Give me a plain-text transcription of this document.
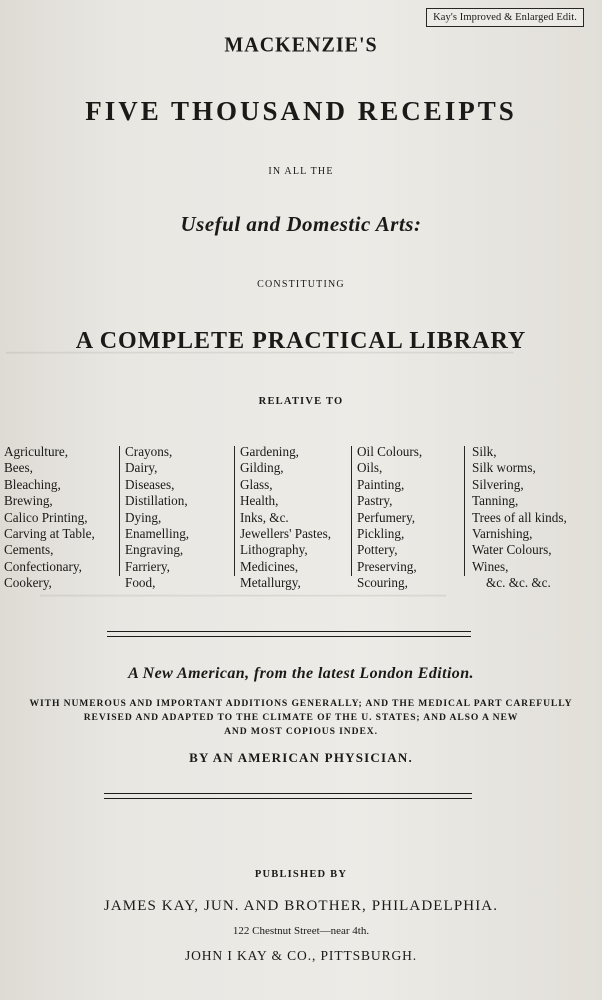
▔▔▔▔▔▔▔▔▔▔▔▔▔▔▔▔▔▔▔▔▔▔▔▔▔▔▔▔▔▔▔▔▔▔▔▔▔▔▔▔▔▔▔▔▔▔▔▔▔▔▔▔▔▔▔▔▔▔▔▔
▔▔▔▔▔▔▔▔▔▔▔▔▔▔▔▔▔▔▔▔▔▔▔▔▔▔▔▔▔▔▔▔▔▔▔▔▔▔▔▔▔▔▔▔▔▔▔▔
Kay's Improved & Enlarged Edit.
MACKENZIE'S
FIVE THOUSAND RECEIPTS
IN ALL THE
Useful and Domestic Arts:
CONSTITUTING
A COMPLETE PRACTICAL LIBRARY
RELATIVE TO
Agriculture,
Bees,
Bleaching,
Brewing,
Calico Printing,
Carving at Table,
Cements,
Confectionary,
Cookery,
Crayons,
Dairy,
Diseases,
Distillation,
Dying,
Enamelling,
Engraving,
Farriery,
Food,
Gardening,
Gilding,
Glass,
Health,
Inks, &c.
Jewellers' Pastes,
Lithography,
Medicines,
Metallurgy,
Oil Colours,
Oils,
Painting,
Pastry,
Perfumery,
Pickling,
Pottery,
Preserving,
Scouring,
Silk,
Silk worms,
Silvering,
Tanning,
Trees of all kinds,
Varnishing,
Water Colours,
Wines,
&c. &c. &c.
A New American, from the latest London Edition.
WITH NUMEROUS AND IMPORTANT ADDITIONS GENERALLY; AND THE MEDICAL PART CAREFULLY
REVISED AND ADAPTED TO THE CLIMATE OF THE U. STATES; AND ALSO A NEW
AND MOST COPIOUS INDEX.
BY AN AMERICAN PHYSICIAN.
PUBLISHED BY
JAMES KAY, JUN. AND BROTHER, PHILADELPHIA.
122 Chestnut Street—near 4th.
JOHN I KAY & CO., PITTSBURGH.
